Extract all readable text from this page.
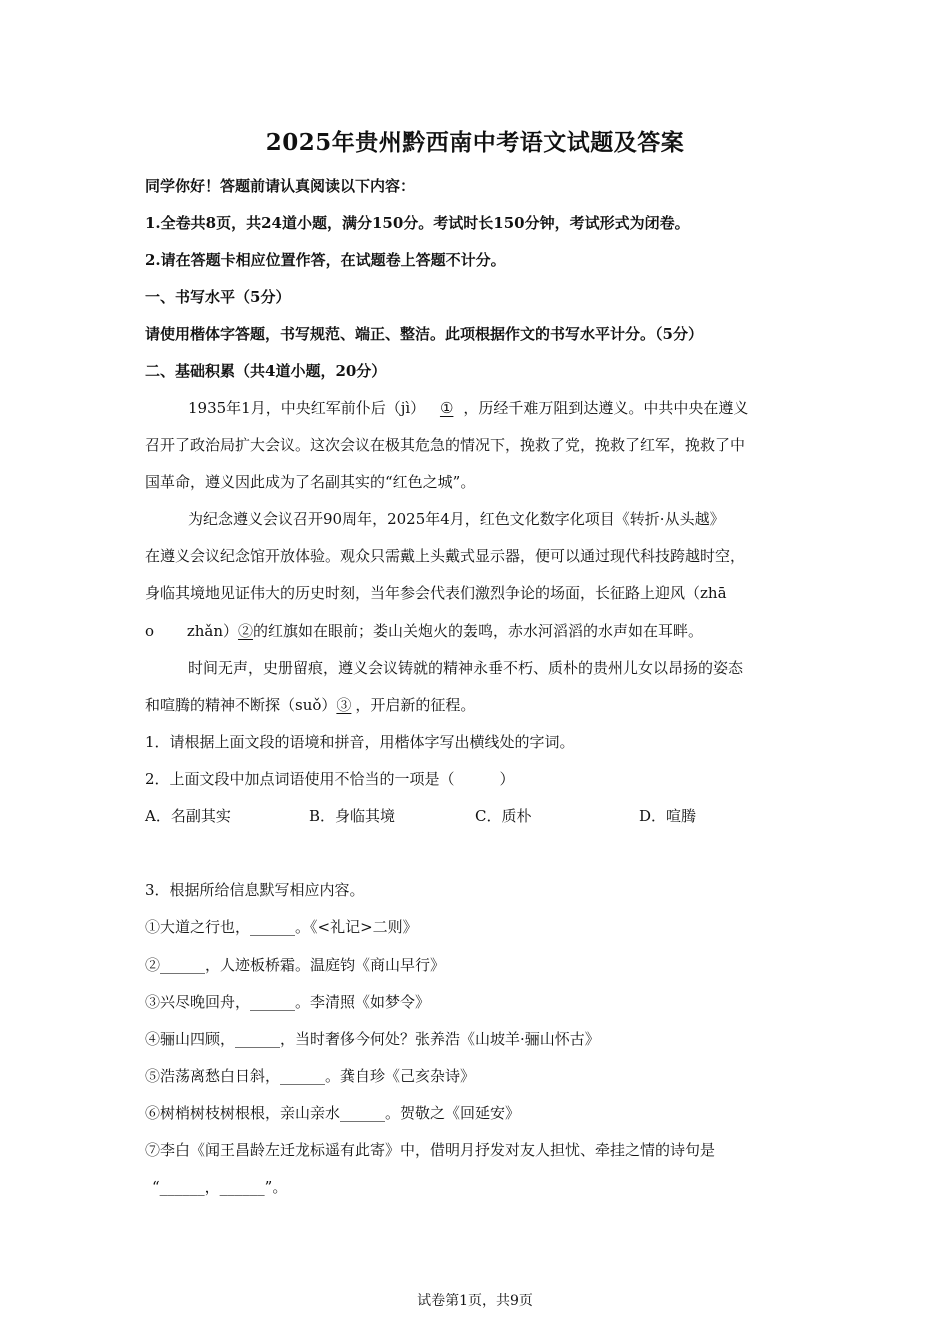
2025年贵州黔西南中考语文试题及答案
同学你好！答题前请认真阅读以下内容：
1.全卷共8页，共24道小题，满分150分。考试时长150分钟，考试形式为闭卷。
2.请在答题卡相应位置作答，在试题卷上答题不计分。
一、书写水平（5分）
请使用楷体字答题，书写规范、端正、整洁。此项根据作文的书写水平计分。（5分）
二、基础积累（共4道小题，20分）
1935年1月，中央红军前仆后（jì） ① ，历经千难万阻到达遵义。中共中央在遵义
召开了政治局扩大会议。这次会议在极其危急的情况下，挽救了党，挽救了红军，挽救了中
国革命，遵义因此成为了名副其实的“红色之城”。
为纪念遵义会议召开90周年，2025年4月，红色文化数字化项目《转折·从头越》
在遵义会议纪念馆开放体验。观众只需戴上头戴式显示器，便可以通过现代科技跨越时空，
身临其境地见证伟大的历史时刻，当年参会代表们激烈争论的场面，长征路上迎风（zhā
o zhǎn）②的红旗如在眼前；娄山关炮火的轰鸣，赤水河滔滔的水声如在耳畔。
时间无声，史册留痕，遵义会议铸就的精神永垂不朽、质朴的贵州儿女以昂扬的姿态
和喧腾的精神不断探（suǒ）③ ，开启新的征程。
1．请根据上面文段的语境和拼音，用楷体字写出横线处的字词。
2．上面文段中加点词语使用不恰当的一项是（　　　）
A．名副其实	B．身临其境	C．质朴	D．喧腾
3．根据所给信息默写相应内容。
①大道之行也，______。《<礼记>二则》
②______，人迹板桥霜。温庭钧《商山早行》
③兴尽晚回舟，______。李清照《如梦令》
④骊山四顾，______，当时奢侈今何处？张养浩《山坡羊·骊山怀古》
⑤浩荡离愁白日斜，______。龚自珍《己亥杂诗》
⑥树梢树枝树根根，亲山亲水______。贺敬之《回延安》
⑦李白《闻王昌龄左迁龙标遥有此寄》中，借明月抒发对友人担忧、牵挂之情的诗句是
“______，______”。
试卷第1页，共9页
